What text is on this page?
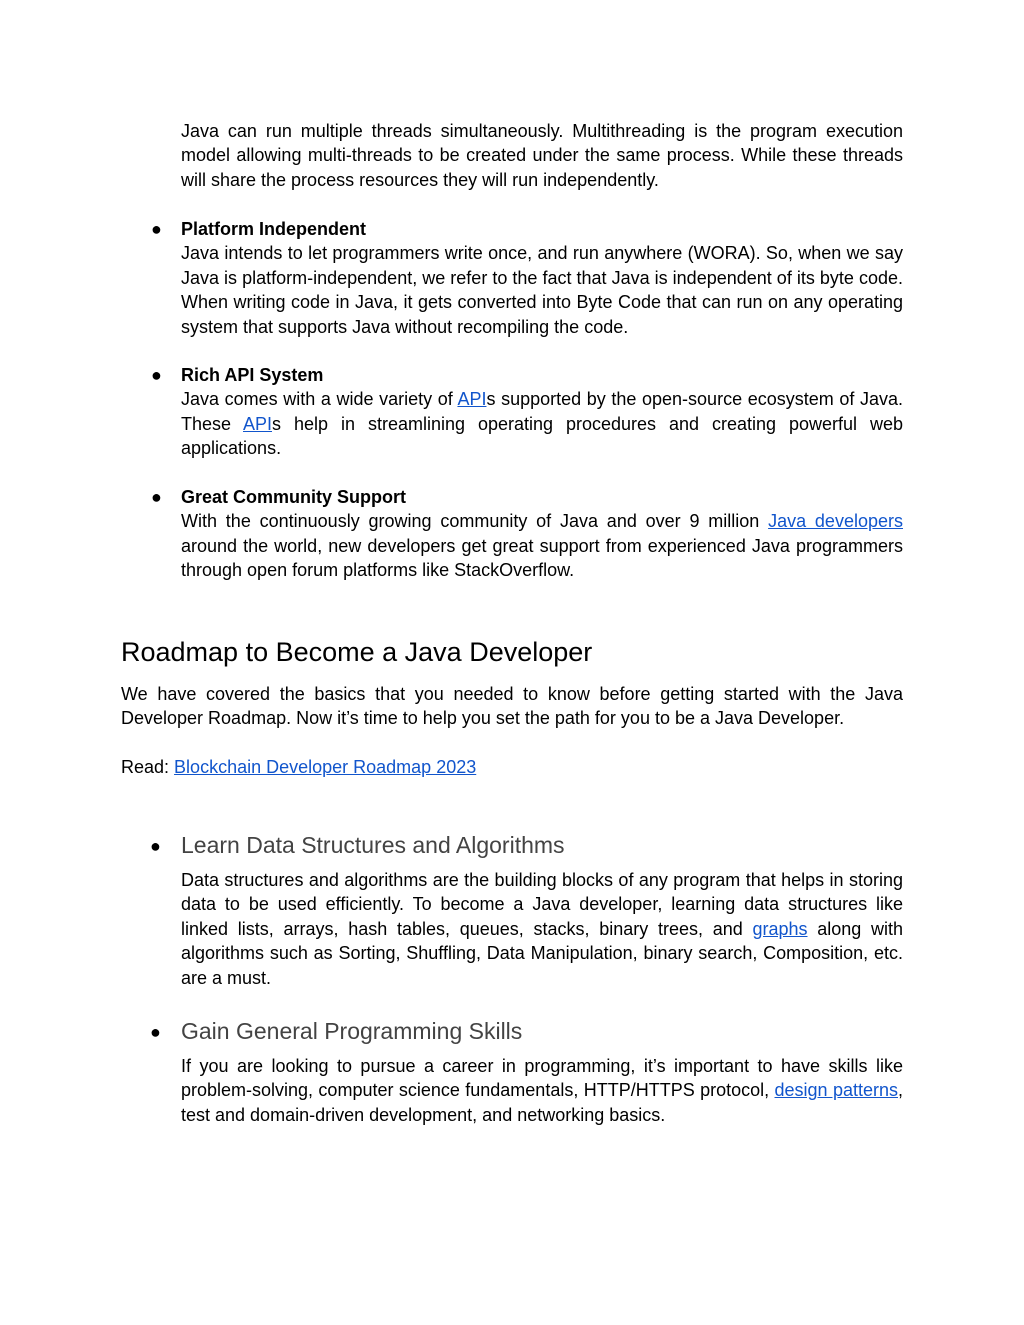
Java can run multiple threads simultaneously. Multithreading is the program execution model allowing multi-threads to be created under the same process. While these threads will share the process resources they will run independently.

● Platform Independent

Java intends to let programmers write once, and run anywhere (WORA). So, when we say Java is platform-independent, we refer to the fact that Java is independent of its byte code. When writing code in Java, it gets converted into Byte Code that can run on any operating system that supports Java without recompiling the code.

● Rich API System

Java comes with a wide variety of APIs supported by the open-source ecosystem of Java. These APIs help in streamlining operating procedures and creating powerful web applications.

● Great Community Support

With the continuously growing community of Java and over 9 million Java developers around the world, new developers get great support from experienced Java programmers through open forum platforms like StackOverflow.

Roadmap to Become a Java Developer

We have covered the basics that you needed to know before getting started with the Java Developer Roadmap. Now it’s time to help you set the path for you to be a Java Developer.

Read: Blockchain Developer Roadmap 2023

● Learn Data Structures and Algorithms

Data structures and algorithms are the building blocks of any program that helps in storing data to be used efficiently. To become a Java developer, learning data structures like linked lists, arrays, hash tables, queues, stacks, binary trees, and graphs along with algorithms such as Sorting, Shuffling, Data Manipulation, binary search, Composition, etc. are a must.

● Gain General Programming Skills

If you are looking to pursue a career in programming, it’s important to have skills like problem-solving, computer science fundamentals, HTTP/HTTPS protocol, design patterns, test and domain-driven development, and networking basics.
